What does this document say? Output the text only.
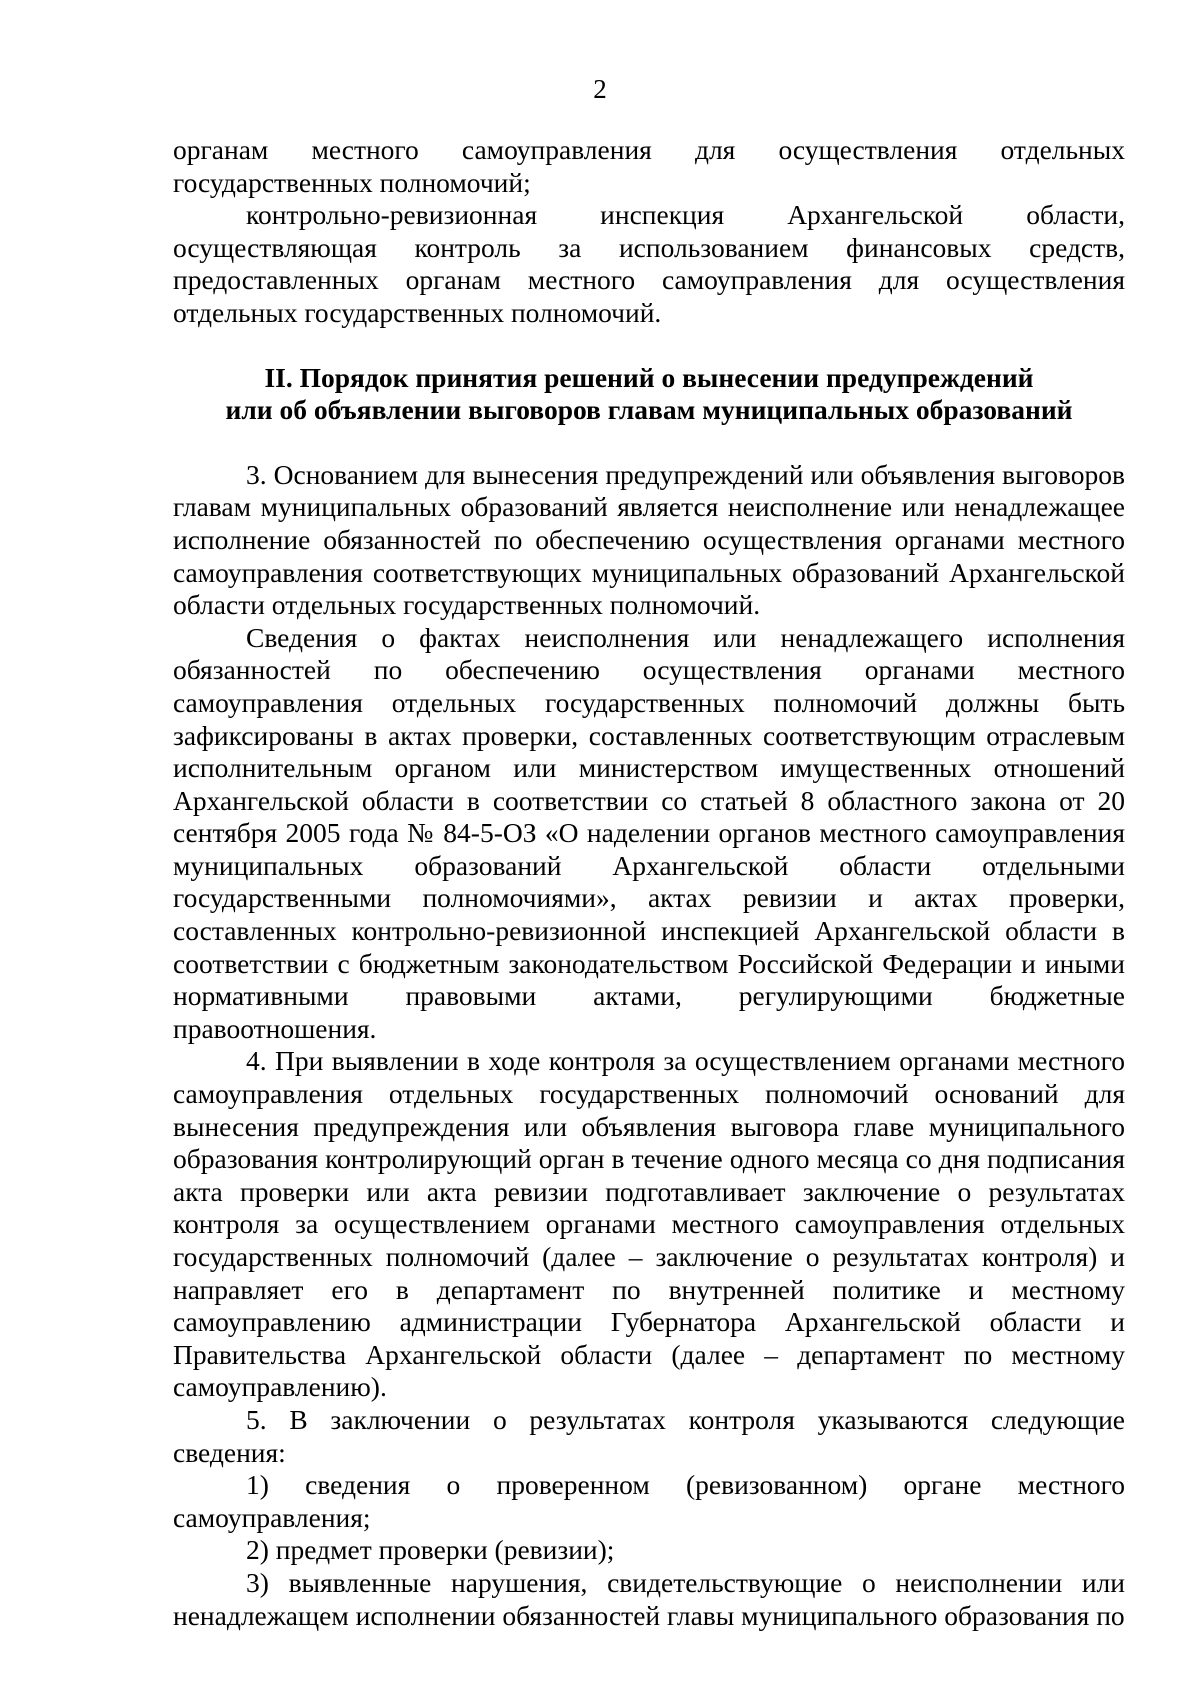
2

органам местного самоуправления для осуществления отдельных государственных полномочий;

контрольно-ревизионная инспекция Архангельской области, осуществляющая контроль за использованием финансовых средств, предоставленных органам местного самоуправления для осуществления отдельных государственных полномочий.

II. Порядок принятия решений о вынесении предупреждений
или об объявлении выговоров главам муниципальных образований

3. Основанием для вынесения предупреждений или объявления выговоров главам муниципальных образований является неисполнение или ненадлежащее исполнение обязанностей по обеспечению осуществления органами местного самоуправления соответствующих муниципальных образований Архангельской области отдельных государственных полномочий.

Сведения о фактах неисполнения или ненадлежащего исполнения обязанностей по обеспечению осуществления органами местного самоуправления отдельных государственных полномочий должны быть зафиксированы в актах проверки, составленных соответствующим отраслевым исполнительным органом или министерством имущественных отношений Архангельской области в соответствии со статьей 8 областного закона от 20 сентября 2005 года № 84-5-ОЗ «О наделении органов местного самоуправления муниципальных образований Архангельской области отдельными государственными полномочиями», актах ревизии и актах проверки, составленных контрольно-ревизионной инспекцией Архангельской области в соответствии с бюджетным законодательством Российской Федерации и иными нормативными правовыми актами, регулирующими бюджетные правоотношения.

4. При выявлении в ходе контроля за осуществлением органами местного самоуправления отдельных государственных полномочий оснований для вынесения предупреждения или объявления выговора главе муниципального образования контролирующий орган в течение одного месяца со дня подписания акта проверки или акта ревизии подготавливает заключение о результатах контроля за осуществлением органами местного самоуправления отдельных государственных полномочий (далее – заключение о результатах контроля) и направляет его в департамент по внутренней политике и местному самоуправлению администрации Губернатора Архангельской области и Правительства Архангельской области (далее – департамент по местному самоуправлению).

5. В заключении о результатах контроля указываются следующие сведения:

1) сведения о проверенном (ревизованном) органе местного самоуправления;

2) предмет проверки (ревизии);

3) выявленные нарушения, свидетельствующие о неисполнении или ненадлежащем исполнении обязанностей главы муниципального образования по
